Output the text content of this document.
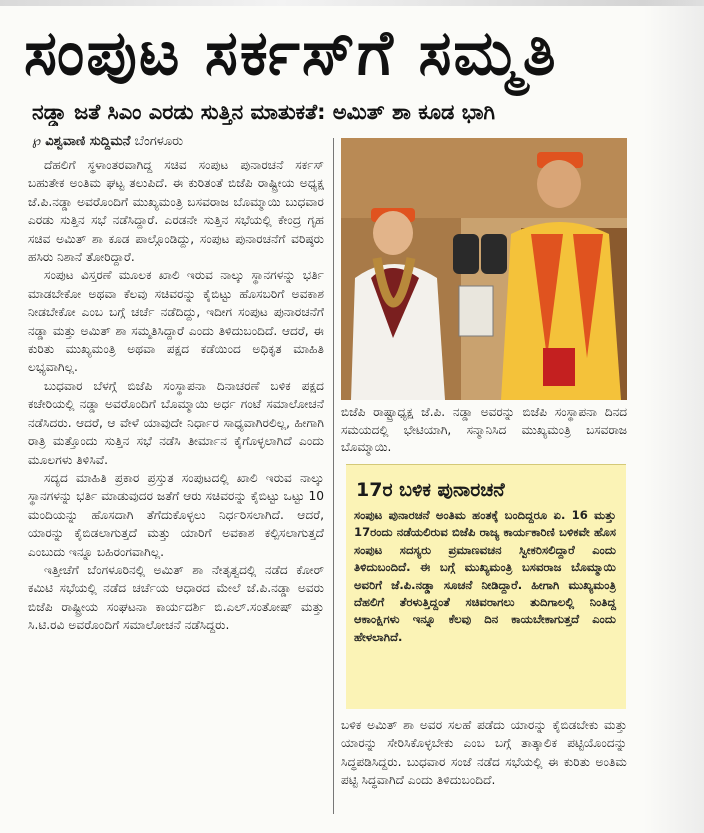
ಸಂಪುಟ ಸರ್ಕಸ್‌ಗೆ ಸಮ್ಮತಿ
ನಡ್ಡಾ ಜತೆ ಸಿಎಂ ಎರಡು ಸುತ್ತಿನ ಮಾತುಕತೆ: ಅಮಿತ್ ಶಾ ಕೂಡ ಭಾಗಿ
℘ ವಿಶ್ವವಾಣಿ ಸುದ್ದಿಮನೆ ಬೆಂಗಳೂರು

ದೆಹಲಿಗೆ ಸ್ಥಳಾಂತರವಾಗಿದ್ದ ಸಚಿವ ಸಂಪುಟ ಪುನಾರಚನೆ ಸರ್ಕಸ್ ಬಹುತೇಕ ಅಂತಿಮ ಘಟ್ಟ ತಲುಪಿದೆ. ಈ ಕುರಿತಂತೆ ಬಿಜೆಪಿ ರಾಷ್ಟ್ರೀಯ ಅಧ್ಯಕ್ಷ ಜೆ.ಪಿ.ನಡ್ಡಾ ಅವರೊಂದಿಗೆ ಮುಖ್ಯಮಂತ್ರಿ ಬಸವರಾಜ ಬೊಮ್ಮಾಯಿ ಬುಧವಾರ ಎರಡು ಸುತ್ತಿನ ಸಭೆ ನಡೆಸಿದ್ದಾರೆ. ಎರಡನೇ ಸುತ್ತಿನ ಸಭೆಯಲ್ಲಿ ಕೇಂದ್ರ ಗೃಹ ಸಚಿವ ಅಮಿತ್ ಶಾ ಕೂಡ ಪಾಲ್ಗೊಂಡಿದ್ದು, ಸಂಪುಟ ಪುನಾರಚನೆಗೆ ವರಿಷ್ಠರು ಹಸಿರು ನಿಶಾನೆ ತೋರಿದ್ದಾರೆ.

ಸಂಪುಟ ವಿಸ್ತರಣೆ ಮೂಲಕ ಖಾಲಿ ಇರುವ ನಾಲ್ಕು ಸ್ಥಾನಗಳನ್ನು ಭರ್ತಿ ಮಾಡಬೇಕೋ ಅಥವಾ ಕೆಲವು ಸಚಿವರನ್ನು ಕೈಬಿಟ್ಟು ಹೊಸಬರಿಗೆ ಅವಕಾಶ ನೀಡಬೇಕೋ ಎಂಬ ಬಗ್ಗೆ ಚರ್ಚೆ ನಡೆದಿದ್ದು, ಇದೀಗ ಸಂಪುಟ ಪುನಾರಚನೆಗೆ ನಡ್ಡಾ ಮತ್ತು ಅಮಿತ್ ಶಾ ಸಮ್ಮತಿಸಿದ್ದಾರೆ ಎಂದು ತಿಳಿದುಬಂದಿದೆ. ಆದರೆ, ಈ ಕುರಿತು ಮುಖ್ಯಮಂತ್ರಿ ಅಥವಾ ಪಕ್ಷದ ಕಡೆಯಿಂದ ಅಧಿಕೃತ ಮಾಹಿತಿ ಲಭ್ಯವಾಗಿಲ್ಲ.

ಬುಧವಾರ ಬೆಳಗ್ಗೆ ಬಿಜೆಪಿ ಸಂಸ್ಥಾಪನಾ ದಿನಾಚರಣೆ ಬಳಿಕ ಪಕ್ಷದ ಕಚೇರಿಯಲ್ಲಿ ನಡ್ಡಾ ಅವರೊಂದಿಗೆ ಬೊಮ್ಮಾಯಿ ಅರ್ಧ ಗಂಟೆ ಸಮಾಲೋಚನೆ ನಡೆಸಿದರು. ಆದರೆ, ಆ ವೇಳೆ ಯಾವುದೇ ನಿರ್ಧಾರ ಸಾಧ್ಯವಾಗಿರಲಿಲ್ಲ, ಹೀಗಾಗಿ ರಾತ್ರಿ ಮತ್ತೊಂದು ಸುತ್ತಿನ ಸಭೆ ನಡೆಸಿ ತೀರ್ಮಾನ ಕೈಗೊಳ್ಳಲಾಗಿದೆ ಎಂದು ಮೂಲಗಳು ತಿಳಿಸಿವೆ.

ಸದ್ಯದ ಮಾಹಿತಿ ಪ್ರಕಾರ ಪ್ರಸ್ತುತ ಸಂಪುಟದಲ್ಲಿ ಖಾಲಿ ಇರುವ ನಾಲ್ಕು ಸ್ಥಾನಗಳನ್ನು ಭರ್ತಿ ಮಾಡುವುದರ ಜತೆಗೆ ಆರು ಸಚಿವರನ್ನು ಕೈಬಿಟ್ಟು ಒಟ್ಟು 10 ಮಂದಿಯನ್ನು ಹೊಸದಾಗಿ ತೆಗೆದುಕೊಳ್ಳಲು ನಿರ್ಧರಿಸಲಾಗಿದೆ. ಆದರೆ, ಯಾರನ್ನು ಕೈಬಿಡಲಾಗುತ್ತದೆ ಮತ್ತು ಯಾರಿಗೆ ಅವಕಾಶ ಕಲ್ಪಿಸಲಾಗುತ್ತದೆ ಎಂಬುದು ಇನ್ನೂ ಬಹಿರಂಗವಾಗಿಲ್ಲ.

ಇತ್ತೀಚೆಗೆ ಬೆಂಗಳೂರಿನಲ್ಲಿ ಅಮಿತ್ ಶಾ ನೇತೃತ್ವದಲ್ಲಿ ನಡೆದ ಕೋರ್ ಕಮಿಟಿ ಸಭೆಯಲ್ಲಿ ನಡೆದ ಚರ್ಚೆಯ ಆಧಾರದ ಮೇಲೆ ಜೆ.ಪಿ.ನಡ್ಡಾ ಅವರು ಬಿಜೆಪಿ ರಾಷ್ಟ್ರೀಯ ಸಂಘಟನಾ ಕಾರ್ಯದರ್ಶಿ ಬಿ.ಎಲ್.ಸಂತೋಷ್ ಮತ್ತು ಸಿ.ಟಿ.ರವಿ ಅವರೊಂದಿಗೆ ಸಮಾಲೋಚನೆ ನಡೆಸಿದ್ದರು.

ಬಿಜೆಪಿ ರಾಷ್ಟ್ರಾಧ್ಯಕ್ಷ ಜೆ.ಪಿ. ನಡ್ಡಾ ಅವರನ್ನು ಬಿಜೆಪಿ ಸಂಸ್ಥಾಪನಾ ದಿನದ ಸಮಯದಲ್ಲಿ ಭೇಟಿಯಾಗಿ, ಸನ್ಮಾನಿಸಿದ ಮುಖ್ಯಮಂತ್ರಿ ಬಸವರಾಜ ಬೊಮ್ಮಾಯಿ.
17ರ ಬಳಿಕ ಪುನಾರಚನೆ

ಸಂಪುಟ ಪುನಾರಚನೆ ಅಂತಿಮ ಹಂತಕ್ಕೆ ಬಂದಿದ್ದರೂ ಏ. 16 ಮತ್ತು 17ರಂದು ನಡೆಯಲಿರುವ ಬಿಜೆಪಿ ರಾಜ್ಯ ಕಾರ್ಯಕಾರಿಣಿ ಬಳಿಕವೇ ಹೊಸ ಸಂಪುಟ ಸದಸ್ಯರು ಪ್ರಮಾಣವಚನ ಸ್ವೀಕರಿಸಲಿದ್ದಾರೆ ಎಂದು ತಿಳಿದುಬಂದಿದೆ. ಈ ಬಗ್ಗೆ ಮುಖ್ಯಮಂತ್ರಿ ಬಸವರಾಜ ಬೊಮ್ಮಾಯಿ ಅವರಿಗೆ ಜೆ.ಪಿ.ನಡ್ಡಾ ಸೂಚನೆ ನೀಡಿದ್ದಾರೆ. ಹೀಗಾಗಿ ಮುಖ್ಯಮಂತ್ರಿ ದೆಹಲಿಗೆ ತೆರಳುತ್ತಿದ್ದಂತೆ ಸಚಿವರಾಗಲು ತುದಿಗಾಲಲ್ಲಿ ನಿಂತಿದ್ದ ಆಕಾಂಕ್ಷಿಗಳು ಇನ್ನೂ ಕೆಲವು ದಿನ ಕಾಯಬೇಕಾಗುತ್ತದೆ ಎಂದು ಹೇಳಲಾಗಿದೆ.

ಬಳಿಕ ಅಮಿತ್ ಶಾ ಅವರ ಸಲಹೆ ಪಡೆದು ಯಾರನ್ನು ಕೈಬಿಡಬೇಕು ಮತ್ತು ಯಾರನ್ನು ಸೇರಿಸಿಕೊಳ್ಳಬೇಕು ಎಂಬ ಬಗ್ಗೆ ತಾತ್ಕಾಲಿಕ ಪಟ್ಟಿಯೊಂದನ್ನು ಸಿದ್ಧಪಡಿಸಿದ್ದರು. ಬುಧವಾರ ಸಂಜೆ ನಡೆದ ಸಭೆಯಲ್ಲಿ ಈ ಕುರಿತು ಅಂತಿಮ ಪಟ್ಟಿ ಸಿದ್ಧವಾಗಿದೆ ಎಂದು ತಿಳಿದುಬಂದಿದೆ.
